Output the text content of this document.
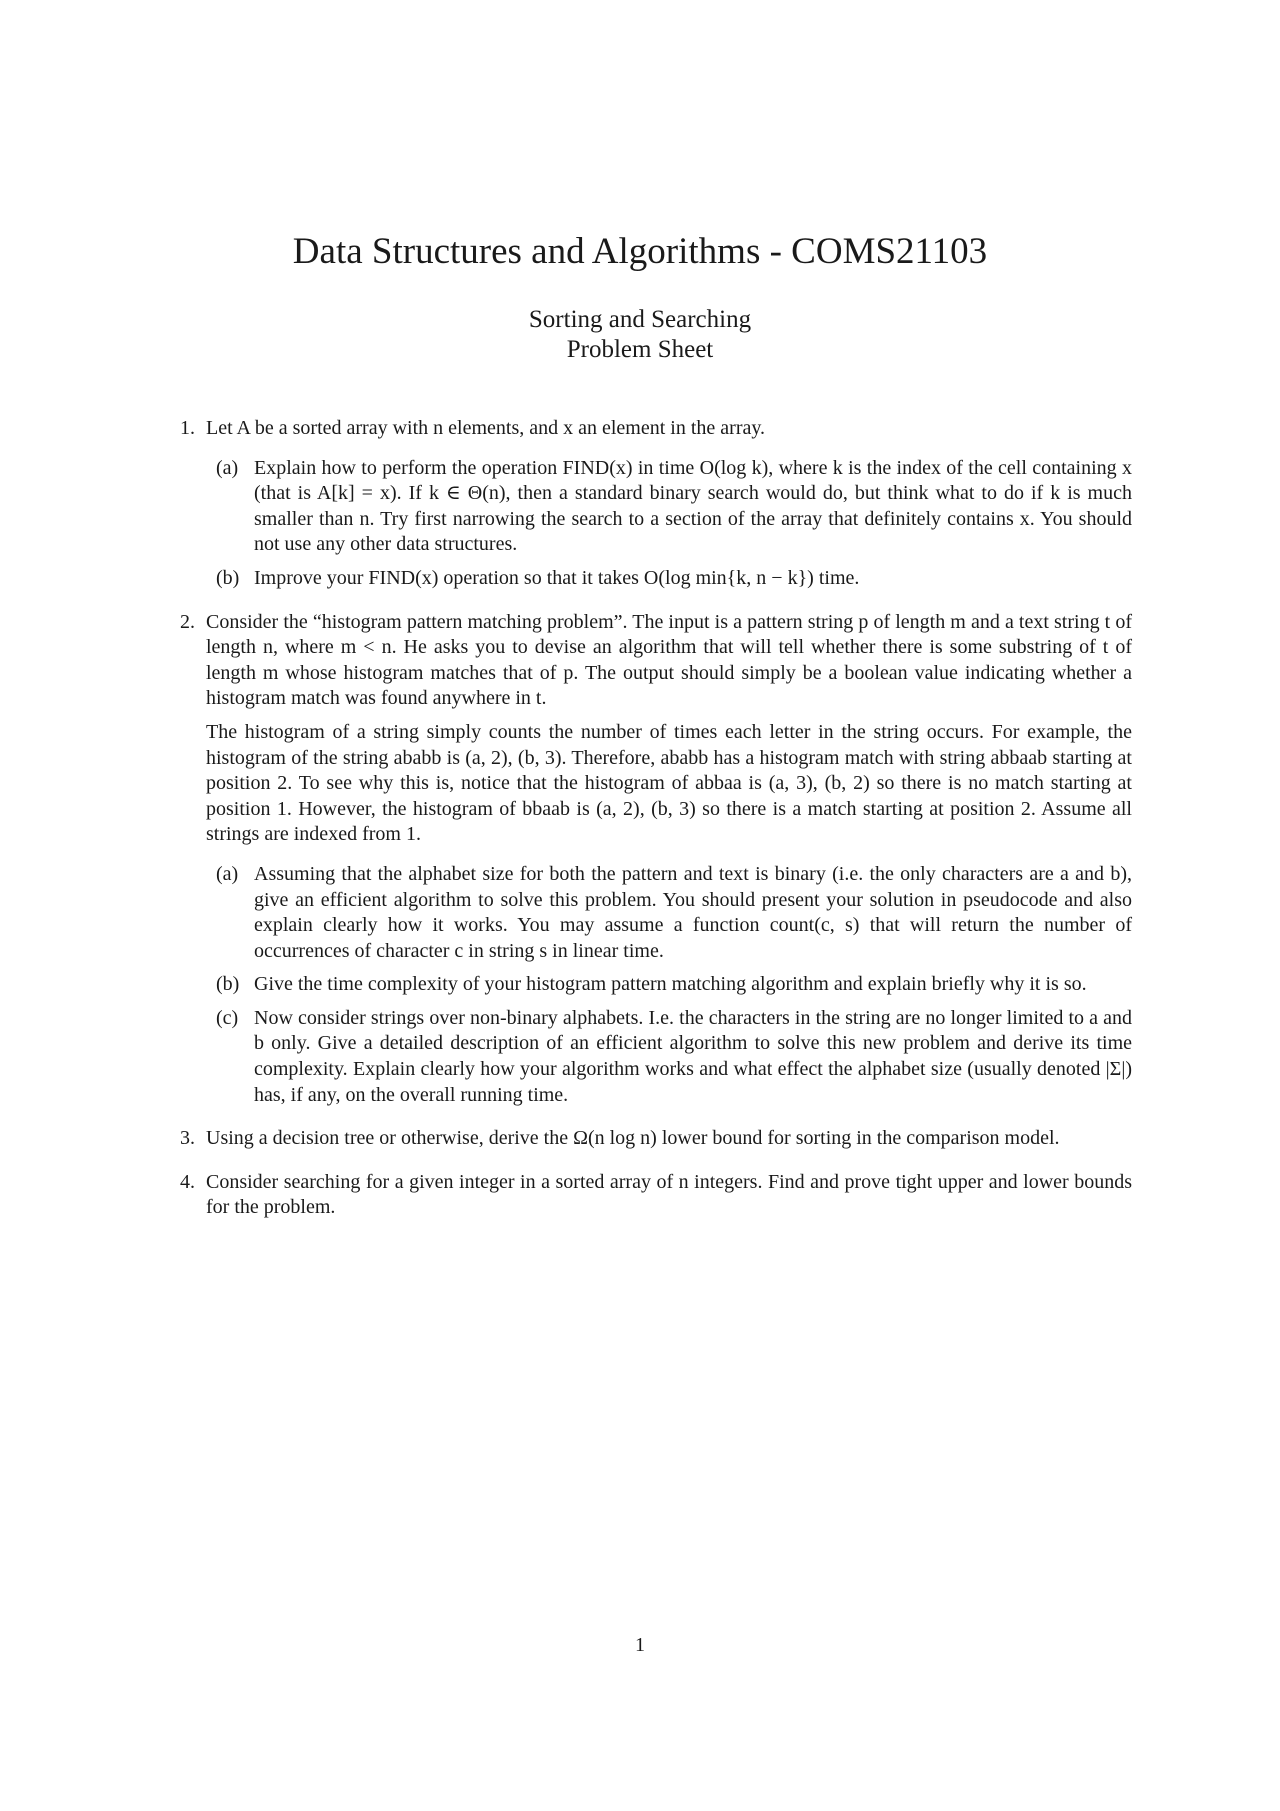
Data Structures and Algorithms - COMS21103
Sorting and Searching
Problem Sheet
1. Let A be a sorted array with n elements, and x an element in the array.

(a) Explain how to perform the operation FIND(x) in time O(log k), where k is the index of the cell containing x (that is A[k] = x). If k ∈ Θ(n), then a standard binary search would do, but think what to do if k is much smaller than n. Try first narrowing the search to a section of the array that definitely contains x. You should not use any other data structures.
(b) Improve your FIND(x) operation so that it takes O(log min{k, n − k}) time.
2. Consider the “histogram pattern matching problem”. The input is a pattern string p of length m and a text string t of length n, where m < n. He asks you to devise an algorithm that will tell whether there is some substring of t of length m whose histogram matches that of p. The output should simply be a boolean value indicating whether a histogram match was found anywhere in t.

The histogram of a string simply counts the number of times each letter in the string occurs. For example, the histogram of the string ababb is (a, 2), (b, 3). Therefore, ababb has a histogram match with string abbaab starting at position 2. To see why this is, notice that the histogram of abbaa is (a, 3), (b, 2) so there is no match starting at position 1. However, the histogram of bbaab is (a, 2), (b, 3) so there is a match starting at position 2. Assume all strings are indexed from 1.

(a) Assuming that the alphabet size for both the pattern and text is binary (i.e. the only characters are a and b), give an efficient algorithm to solve this problem. You should present your solution in pseudocode and also explain clearly how it works. You may assume a function count(c, s) that will return the number of occurrences of character c in string s in linear time.
(b) Give the time complexity of your histogram pattern matching algorithm and explain briefly why it is so.
(c) Now consider strings over non-binary alphabets. I.e. the characters in the string are no longer limited to a and b only. Give a detailed description of an efficient algorithm to solve this new problem and derive its time complexity. Explain clearly how your algorithm works and what effect the alphabet size (usually denoted |Σ|) has, if any, on the overall running time.
3. Using a decision tree or otherwise, derive the Ω(n log n) lower bound for sorting in the comparison model.

4. Consider searching for a given integer in a sorted array of n integers. Find and prove tight upper and lower bounds for the problem.

1
